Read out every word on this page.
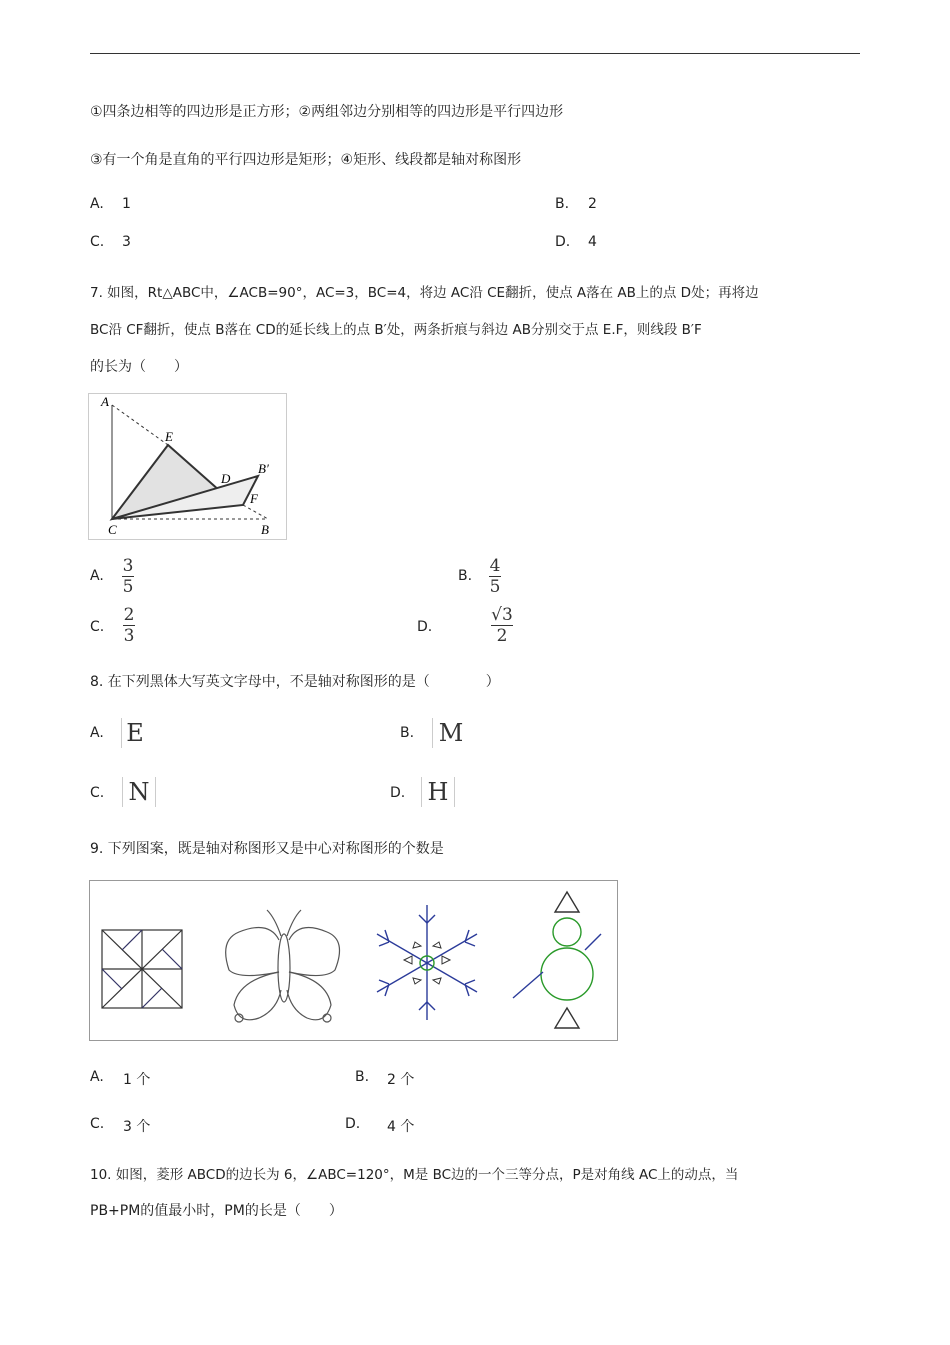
①四条边相等的四边形是正方形；②两组邻边分别相等的四边形是平行四边形
③有一个角是直角的平行四边形是矩形；④矩形、线段都是轴对称图形
A. 1	B. 2
C. 3	D. 4
7. 如图，Rt△ABC中，∠ACB=90°，AC=3，BC=4，将边 AC沿 CE翻折，使点 A落在 AB上的点 D处；再将边
BC沿 CF翻折，使点 B落在 CD的延长线上的点 B′处，两条折痕与斜边 AB分别交于点 E.F，则线段 B′F
的长为（　　）
A
E
D
B′
F
C	B
A. 3
5
B. 4
5
C.
2
3	D.
√3
2
8. 在下列黑体大写英文字母中，不是轴对称图形的是（　　　　）
A. E	B. M
C. N	D. H
9. 下列图案，既是轴对称图形又是中心对称图形的个数是
A. 1 个	B. 2 个
C. 3 个	D. 4 个
10. 如图，菱形 ABCD的边长为 6，∠ABC=120°，M是 BC边的一个三等分点，P是对角线 AC上的动点，当
PB+PM的值最小时，PM的长是（　　）
